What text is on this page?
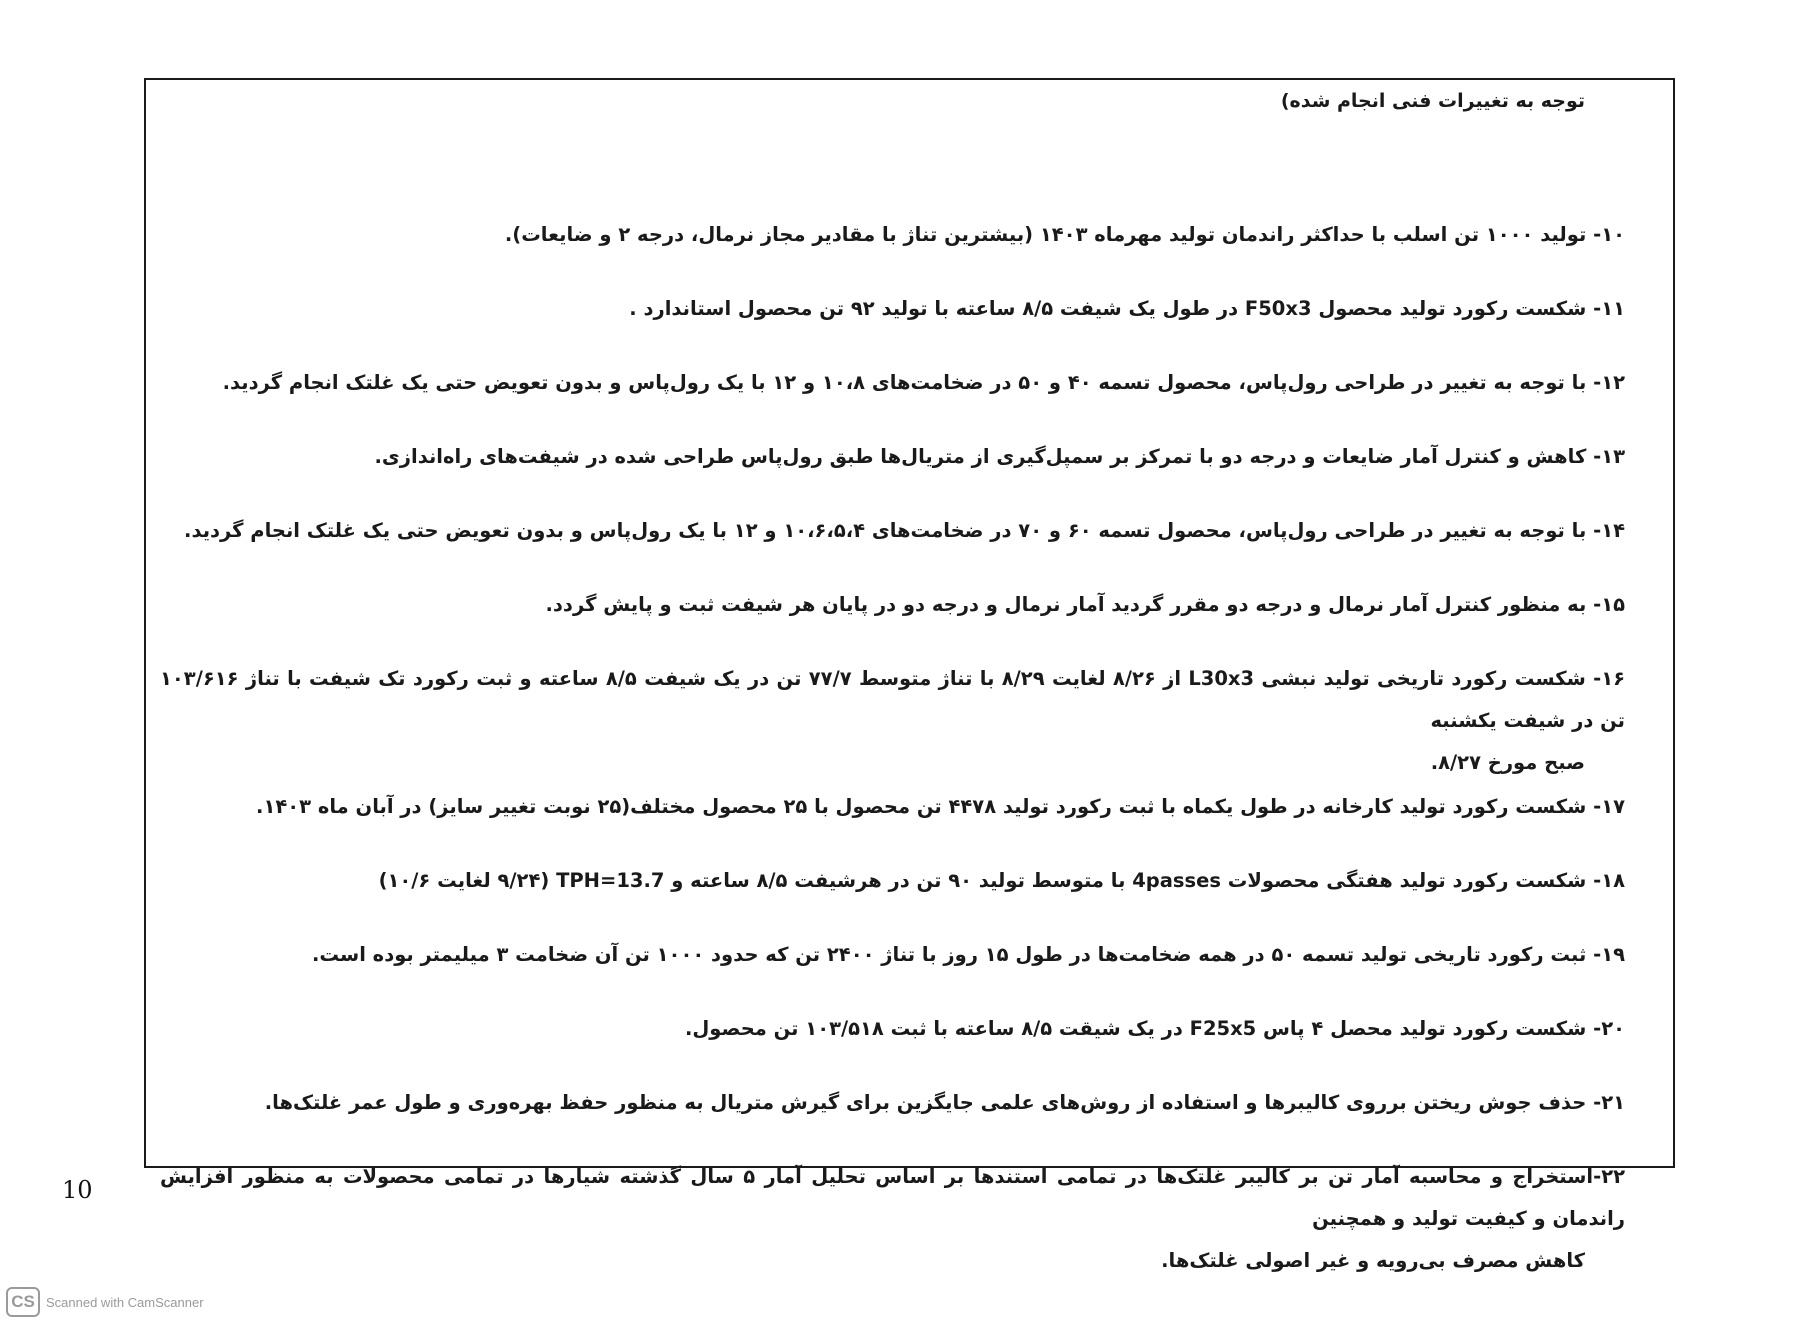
توجه به تغییرات فنی انجام شده)
۱۰- تولید ۱۰۰۰ تن اسلب با حداکثر راندمان تولید مهرماه ۱۴۰۳ (بیشترین تناژ با مقادیر مجاز نرمال، درجه ۲ و ضایعات).
۱۱- شکست رکورد تولید محصول F50x3 در طول یک شیفت ۸/۵ ساعته با تولید ۹۲ تن محصول استاندارد .
۱۲- با توجه به تغییر در طراحی رول‌پاس، محصول تسمه ۴۰ و ۵۰ در ضخامت‌های ۱۰،۸ و ۱۲ با یک رول‌پاس و بدون تعویض حتی یک غلتک انجام گردید.
۱۳- کاهش و کنترل آمار ضایعات و درجه دو با تمرکز بر سمپل‌گیری از متریال‌ها طبق رول‌پاس طراحی شده در شیفت‌های راه‌اندازی.
۱۴- با توجه به تغییر در طراحی رول‌پاس، محصول تسمه ۶۰ و ۷۰ در ضخامت‌های ۱۰،۶،۵،۴ و ۱۲ با یک رول‌پاس و بدون تعویض حتی یک غلتک انجام گردید.
۱۵- به منظور کنترل آمار نرمال و درجه دو مقرر گردید آمار نرمال و درجه دو در پایان هر شیفت ثبت و پایش گردد.
۱۶- شکست رکورد تاریخی تولید نبشی L30x3 از ۸/۲۶ لغایت ۸/۲۹ با تناژ متوسط ۷۷/۷ تن در یک شیفت ۸/۵ ساعته و ثبت رکورد تک شیفت با تناژ ۱۰۳/۶۱۶ تن در شیفت یکشنبه
صبح مورخ ۸/۲۷.
۱۷- شکست رکورد تولید کارخانه در طول یکماه با ثبت رکورد تولید ۴۴۷۸ تن محصول با ۲۵ محصول مختلف(۲۵ نوبت تغییر سایز) در آبان ماه ۱۴۰۳.
۱۸- شکست رکورد تولید هفتگی محصولات 4passes با متوسط تولید ۹۰ تن در هرشیفت ۸/۵ ساعته و TPH=13.7 (۹/۲۴ لغایت ۱۰/۶)
۱۹- ثبت رکورد تاریخی تولید تسمه ۵۰ در همه ضخامت‌ها در طول ۱۵ روز با تناژ ۲۴۰۰ تن که حدود ۱۰۰۰ تن آن ضخامت ۳ میلیمتر بوده است.
۲۰- شکست رکورد تولید محصل ۴ پاس F25x5 در یک شیقت ۸/۵ ساعته با ثبت ۱۰۳/۵۱۸ تن محصول.
۲۱- حذف جوش ریختن برروی کالیبرها و استفاده از روش‌های علمی جایگزین برای گیرش متریال به منظور حفظ بهره‌وری و طول عمر غلتک‌ها.
۲۲-استخراج و محاسبه آمار تن بر کالیبر غلتک‌ها در تمامی استندها بر اساس تحلیل آمار ۵ سال گذشته شیارها در تمامی محصولات به منظور افزایش راندمان و کیفیت تولید و همچنین
کاهش مصرف بی‌رویه و غیر اصولی غلتک‌ها.
10
CS Scanned with CamScanner
